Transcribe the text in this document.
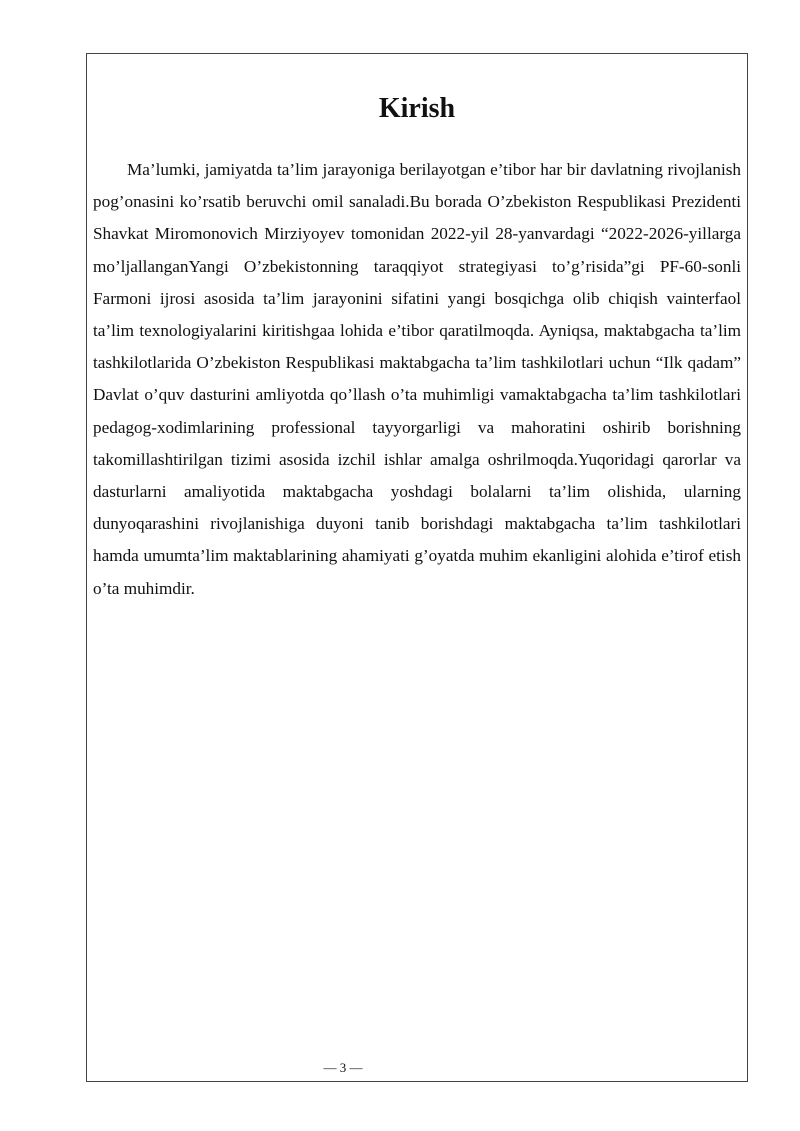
Kirish

Ma’lumki, jamiyatda ta’lim jarayoniga berilayotgan e’tibor har bir davlatning rivojlanish pog’onasini ko’rsatib beruvchi omil sanaladi.Bu borada O’zbekiston Respublikasi Prezidenti Shavkat Miromonovich Mirziyoyev tomonidan 2022-yil 28-yanvardagi “2022-2026-yillarga mo’ljallanganYangi O’zbekistonning taraqqiyot strategiyasi to’g’risida”gi PF-60-sonli Farmoni ijrosi asosida ta’lim jarayonini sifatini yangi bosqichga olib chiqish vainterfaol ta’lim texnologiyalarini kiritishgaa lohida e’tibor qaratilmoqda. Ayniqsa, maktabgacha ta’lim tashkilotlarida O’zbekiston Respublikasi maktabgacha ta’lim tashkilotlari uchun “Ilk qadam” Davlat o’quv dasturini amliyotda qo’llash o’ta muhimligi vamaktabgacha ta’lim tashkilotlari pedagog-xodimlarining professional tayyorgarligi va mahoratini oshirib borishning takomillashtirilgan tizimi asosida izchil ishlar amalga oshrilmoqda.Yuqoridagi qarorlar va dasturlarni amaliyotida maktabgacha yoshdagi bolalarni ta’lim olishida, ularning dunyoqarashini rivojlanishiga duyoni tanib borishdagi maktabgacha ta’lim tashkilotlari hamda umumta’lim maktablarining ahamiyati g’oyatda muhim ekanligini alohida e’tirof etish o’ta muhimdir.

— 3 —
